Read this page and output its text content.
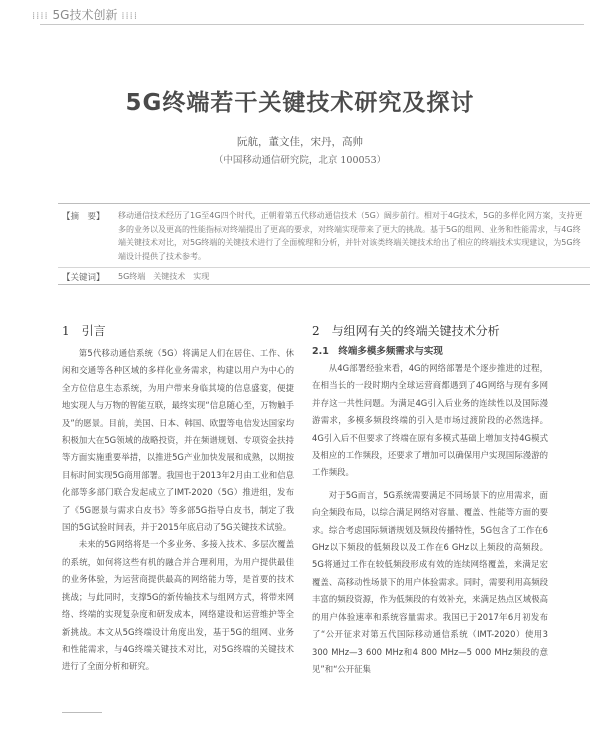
⁞⁞⁞⁞ 5G技术创新 ⁞⁞⁞⁞
5G终端若干关键技术研究及探讨
阮航，董文佳，宋丹，高帅
（中国移动通信研究院，北京 100053）
【摘　要】 移动通信技术经历了1G至4G四个时代，正朝着第五代移动通信技术（5G）阔步前行。相对于4G技术，5G的多样化网方案，支持更多的业务以及更高的性能指标对终端提出了更高的要求，对终端实现带来了更大的挑战。基于5G的组网、业务和性能需求，与4G终端关键技术对比，对5G终端的关键技术进行了全面梳理和分析，并针对该类终端关键技术给出了相应的终端技术实现建议，为5G终端设计提供了技术参考。
【关键词】 5G终端　关键技术　实现
1　引言

第5代移动通信系统（5G）将满足人们在居住、工作、休闲和交通等各种区域的多样化业务需求，构建以用户为中心的全方位信息生态系统，为用户带来身临其境的信息盛宴，便捷地实现人与万物的智能互联，最终实现“信息随心至，万物触手及”的愿景。目前，美国、日本、韩国、欧盟等电信发达国家均积极加大在5G领域的战略投资，并在频谱规划、专项资金扶持等方面实施重要举措，以推进5G产业加快发展和成熟，以期按目标时间实现5G商用部署。我国也于2013年2月由工业和信息化部等多部门联合发起成立了IMT-2020（5G）推进组，发布了《5G愿景与需求白皮书》等多部5G指导白皮书，制定了我国的5G试验时间表，并于2015年底启动了5G关键技术试验。

未来的5G网络将是一个多业务、多接入技术、多层次覆盖的系统，如何将这些有机的融合并合理利用，为用户提供最佳的业务体验，为运营商提供最高的网络能力等，是首要的技术挑战；与此同时，支撑5G的新传输技术与组网方式，将带来网络、终端的实现复杂度和研发成本，网络建设和运营维护等全新挑战。本文从5G终端设计角度出发，基于5G的组网、业务和性能需求，与4G终端关键技术对比，对5G终端的关键技术进行了全面分析和研究。

2　与组网有关的终端关键技术分析
2.1　终端多模多频需求与实现

从4G部署经验来看，4G的网络部署是个逐步推进的过程，在相当长的一段时期内全球运营商都遇到了4G网络与现有多网并存这一共性问题。为满足4G引入后业务的连续性以及国际漫游需求，多模多频段终端的引入是市场过渡阶段的必然选择。4G引入后不但要求了终端在原有多模式基础上增加支持4G模式及相应的工作频段，还要求了增加可以确保用户实现国际漫游的工作频段。

对于5G而言，5G系统需要满足不同场景下的应用需求，面向全频段布局，以综合满足网络对容量、覆盖、性能等方面的要求。综合考虑国际频谱规划及频段传播特性，5G包含了工作在6 GHz以下频段的低频段以及工作在6 GHz以上频段的高频段。5G将通过工作在较低频段形成有效的连续网络覆盖，来满足宏覆盖、高移动性场景下的用户体验需求。同时，需要利用高频段丰富的频段资源，作为低频段的有效补充，来满足热点区域极高的用户体验速率和系统容量需求。我国已于2017年6月初发布了“公开征求对第五代国际移动通信系统（IMT-2020）使用3 300 MHz—3 600 MHz和4 800 MHz—5 000 MHz频段的意见”和“公开征集
